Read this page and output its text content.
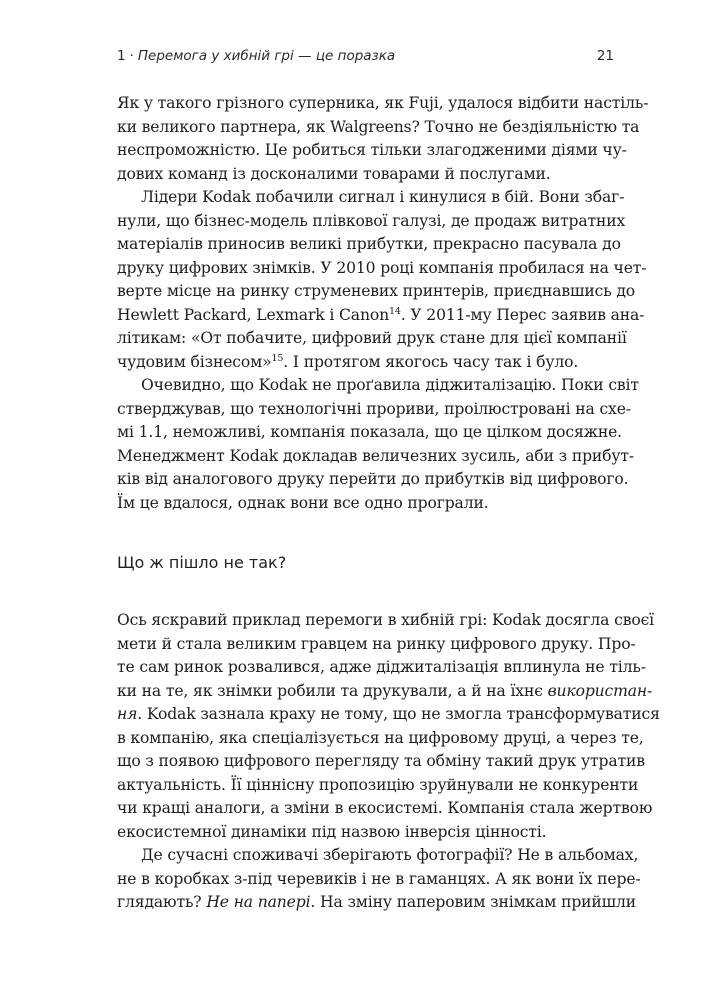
1 · Перемога у хибній грі — це поразка	21
Як у такого грізного суперника, як Fuji, удалося відбити настіль-
ки великого партнера, як Walgreens? Точно не бездіяльністю та
неспроможністю. Це робиться тільки злагодженими діями чу-
дових команд із досконалими товарами й послугами.
Лідери Kodak побачили сигнал і кинулися в бій. Вони збаг-
нули, що бізнес-модель плівкової галузі, де продаж витратних
матеріалів приносив великі прибутки, прекрасно пасувала до
друку цифрових знімків. У 2010 році компанія пробилася на чет-
верте місце на ринку струменевих принтерів, приєднавшись до
Hewlett Packard, Lexmark і Canon$^{14}$. У 2011-му Перес заявив ана-
літикам: «От побачите, цифровий друк стане для цієї компанії
чудовим бізнесом»$^{15}$. І протягом якогось часу так і було.
Очевидно, що Kodak не проґавила діджиталізацію. Поки світ
стверджував, що технологічні прориви, проілюстровані на схе-
мі 1.1, неможливі, компанія показала, що це цілком досяжне.
Менеджмент Kodak докладав величезних зусиль, аби з прибут-
ків від аналогового друку перейти до прибутків від цифрового.
Їм це вдалося, однак вони все одно програли.
Що ж пішло не так?
Ось яскравий приклад перемоги в хибній грі: Kodak досягла своєї
мети й стала великим гравцем на ринку цифрового друку. Про-
те сам ринок розвалився, адже діджиталізація вплинула не тіль-
ки на те, як знімки робили та друкували, а й на їхнє використан-
ня. Kodak зазнала краху не тому, що не змогла трансформуватися
в компанію, яка спеціалізується на цифровому друці, а через те,
що з появою цифрового перегляду та обміну такий друк утратив
актуальність. Її ціннісну пропозицію зруйнували не конкуренти
чи кращі аналоги, а зміни в екосистемі. Компанія стала жертвою
екосистемної динаміки під назвою інверсія цінності.
Де сучасні споживачі зберігають фотографії? Не в альбомах,
не в коробках з-під черевиків і не в гаманцях. А як вони їх пере-
глядають? Не на папері. На зміну паперовим знімкам прийшли
